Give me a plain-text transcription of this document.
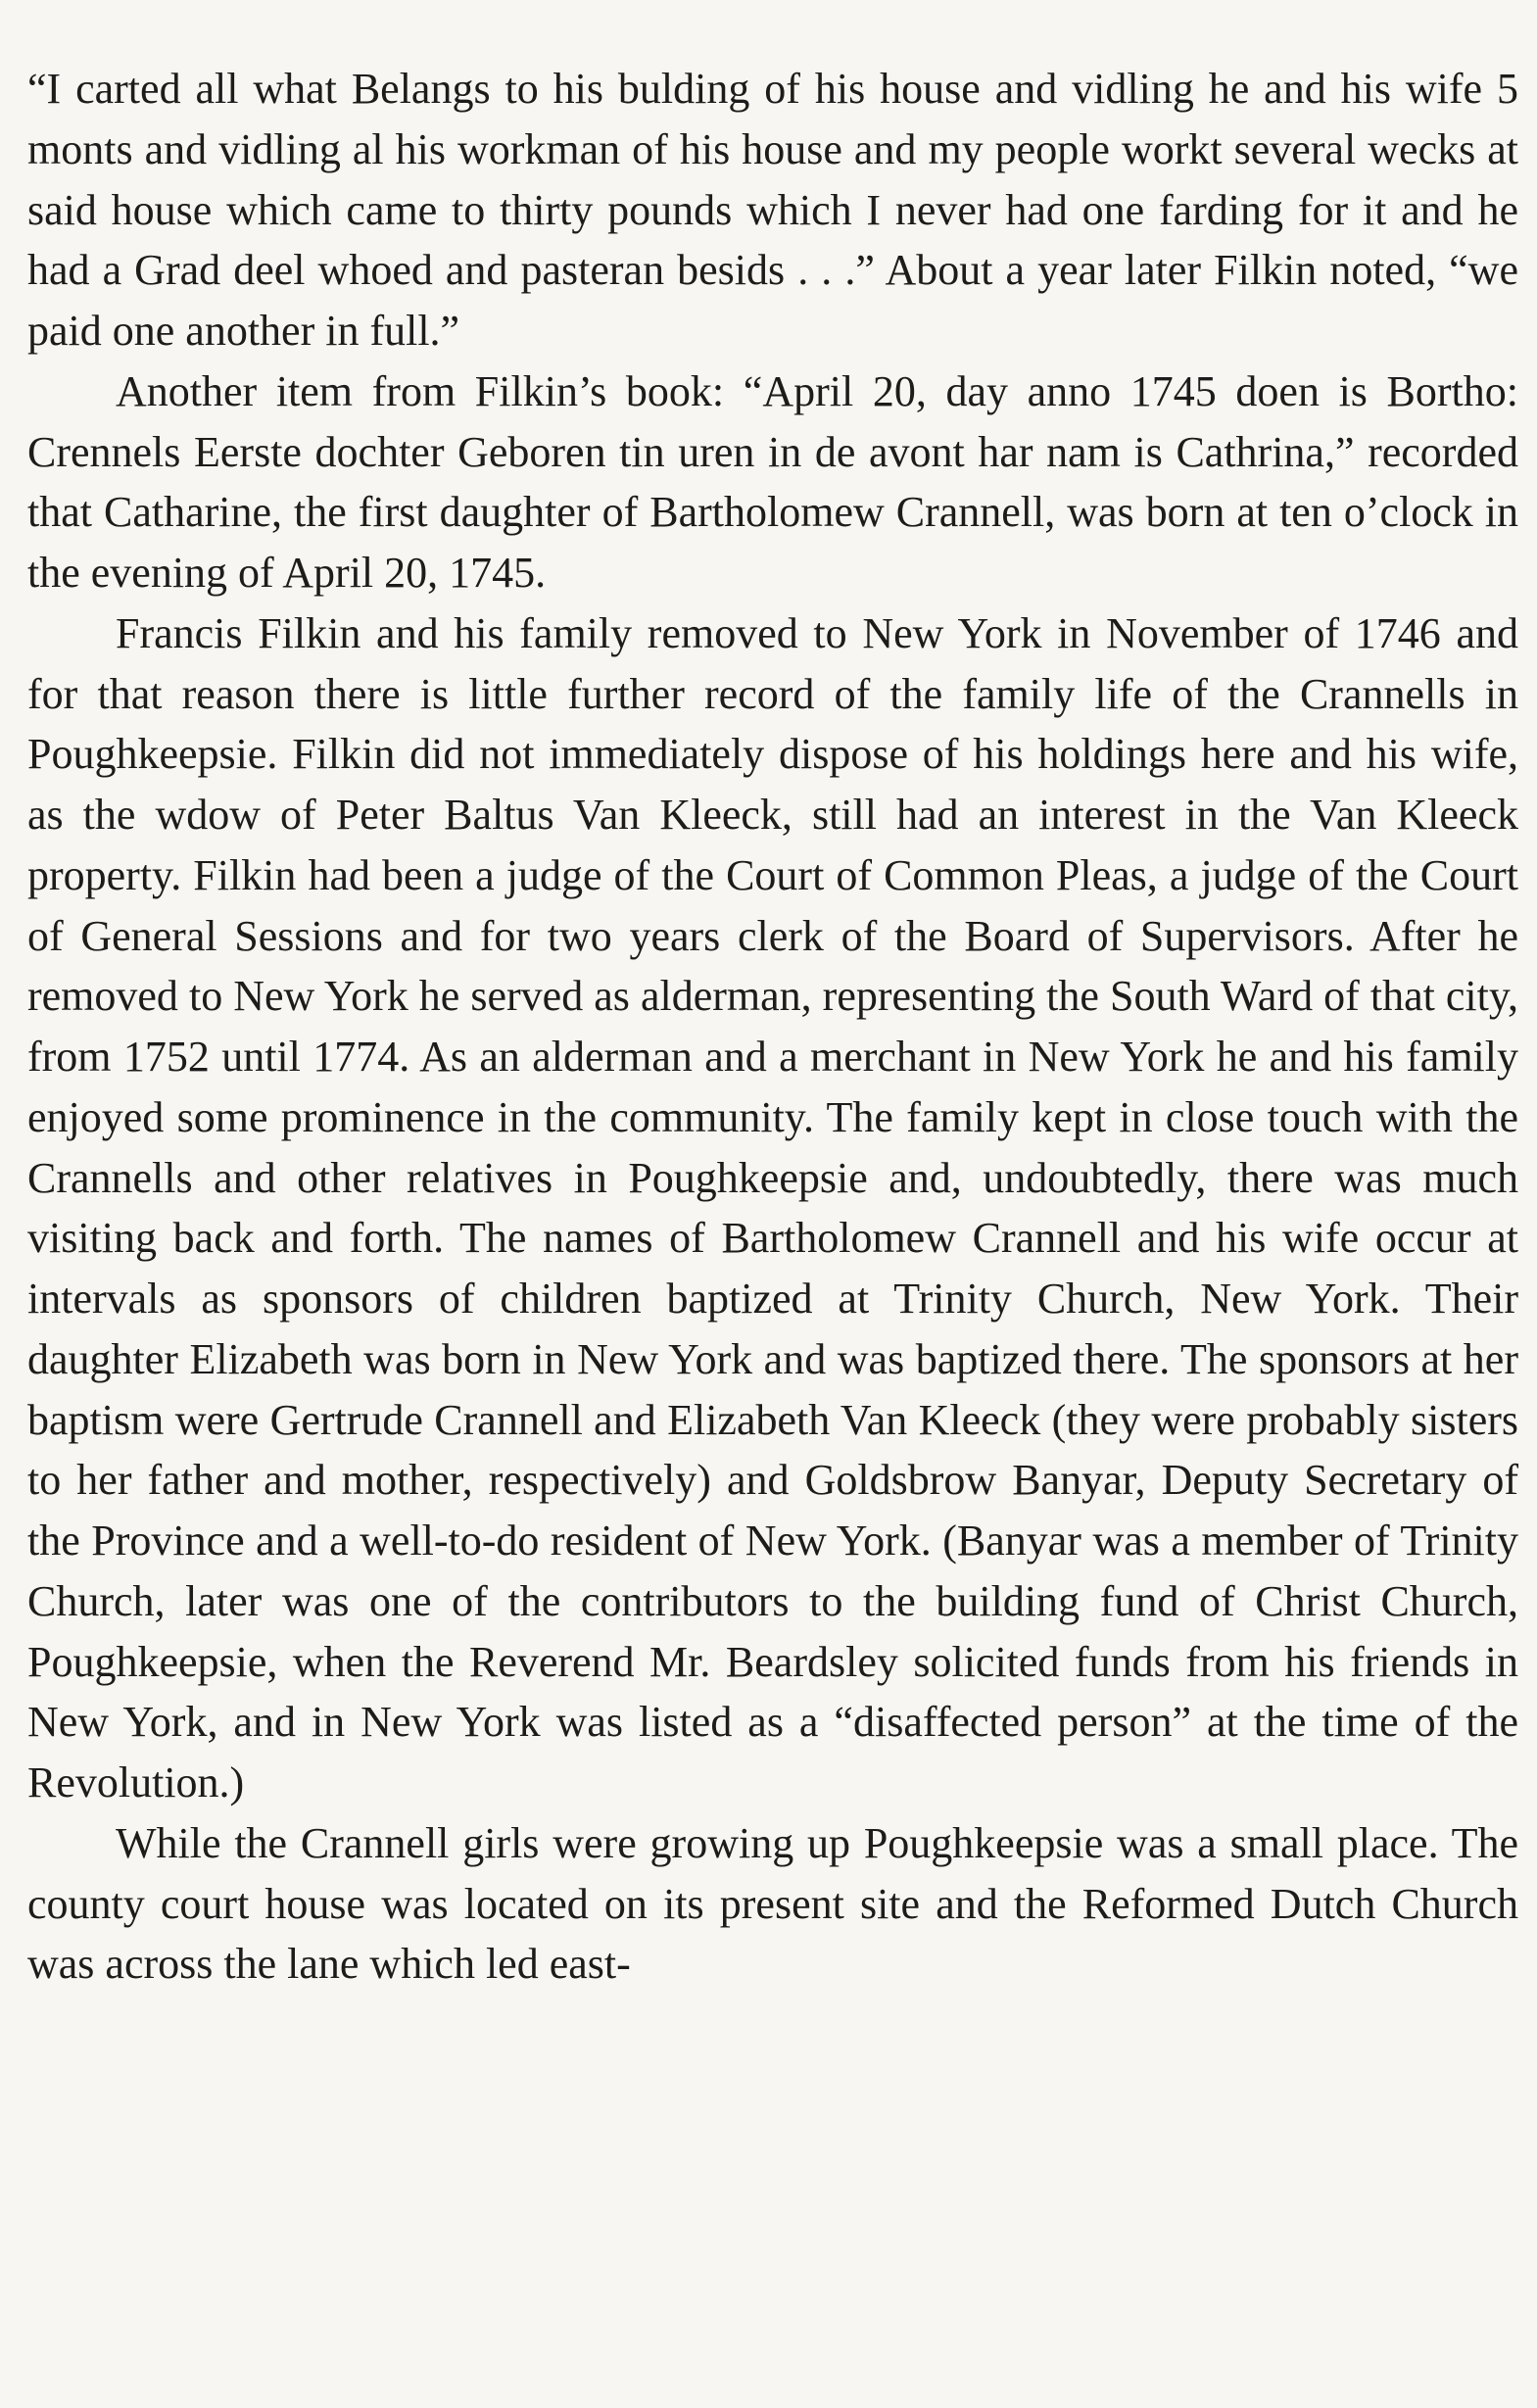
“I carted all what Belangs to his bulding of his house and vidling he and his wife 5 monts and vidling al his workman of his house and my people workt several wecks at said house which came to thirty pounds which I never had one farding for it and he had a Grad deel whoed and pasteran besids . . .” About a year later Filkin noted, “we paid one another in full.”

Another item from Filkin’s book: “April 20, day anno 1745 doen is Bortho: Crennels Eerste dochter Geboren tin uren in de avont har nam is Cathrina,” recorded that Catharine, the first daughter of Bartholomew Crannell, was born at ten o’clock in the evening of April 20, 1745.

Francis Filkin and his family removed to New York in November of 1746 and for that reason there is little further record of the family life of the Crannells in Poughkeepsie. Filkin did not immediately dispose of his holdings here and his wife, as the wdow of Peter Baltus Van Kleeck, still had an interest in the Van Kleeck property. Filkin had been a judge of the Court of Common Pleas, a judge of the Court of General Sessions and for two years clerk of the Board of Supervisors. After he removed to New York he served as alderman, representing the South Ward of that city, from 1752 until 1774. As an alderman and a merchant in New York he and his family enjoyed some prominence in the community. The family kept in close touch with the Crannells and other relatives in Poughkeepsie and, undoubtedly, there was much visiting back and forth. The names of Bartholomew Crannell and his wife occur at intervals as sponsors of children baptized at Trinity Church, New York. Their daughter Elizabeth was born in New York and was baptized there. The sponsors at her baptism were Gertrude Crannell and Elizabeth Van Kleeck (they were probably sisters to her father and mother, respectively) and Goldsbrow Banyar, Deputy Secretary of the Province and a well-to-do resident of New York. (Banyar was a member of Trinity Church, later was one of the contributors to the building fund of Christ Church, Poughkeepsie, when the Reverend Mr. Beardsley solicited funds from his friends in New York, and in New York was listed as a “disaffected person” at the time of the Revolution.)

While the Crannell girls were growing up Poughkeepsie was a small place. The county court house was located on its present site and the Reformed Dutch Church was across the lane which led east-
